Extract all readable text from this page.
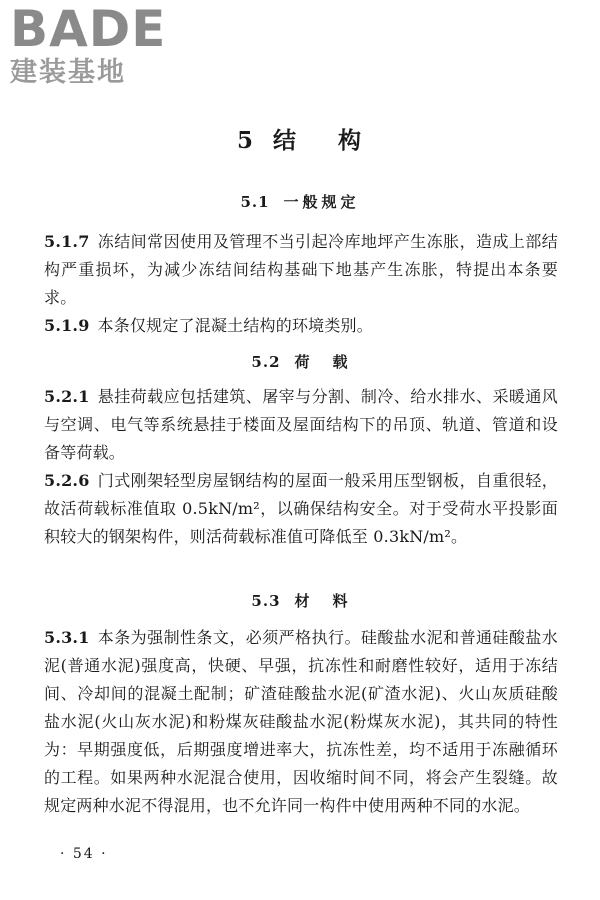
BADE
建装基地
5 结 构
5.1 一般规定
5.1.7 冻结间常因使用及管理不当引起冷库地坪产生冻胀，造成上部结构严重损坏，为减少冻结间结构基础下地基产生冻胀，特提出本条要求。
5.1.9 本条仅规定了混凝土结构的环境类别。
5.2 荷 载
5.2.1 悬挂荷载应包括建筑、屠宰与分割、制冷、给水排水、采暖通风与空调、电气等系统悬挂于楼面及屋面结构下的吊顶、轨道、管道和设备等荷载。
5.2.6 门式刚架轻型房屋钢结构的屋面一般采用压型钢板，自重很轻，故活荷载标准值取 0.5kN/m²，以确保结构安全。对于受荷水平投影面积较大的钢架构件，则活荷载标准值可降低至 0.3kN/m²。
5.3 材 料
5.3.1 本条为强制性条文，必须严格执行。硅酸盐水泥和普通硅酸盐水泥(普通水泥)强度高，快硬、早强，抗冻性和耐磨性较好，适用于冻结间、冷却间的混凝土配制；矿渣硅酸盐水泥(矿渣水泥)、火山灰质硅酸盐水泥(火山灰水泥)和粉煤灰硅酸盐水泥(粉煤灰水泥)，其共同的特性为：早期强度低，后期强度增进率大，抗冻性差，均不适用于冻融循环的工程。如果两种水泥混合使用，因收缩时间不同，将会产生裂缝。故规定两种水泥不得混用，也不允许同一构件中使用两种不同的水泥。
· 54 ·
